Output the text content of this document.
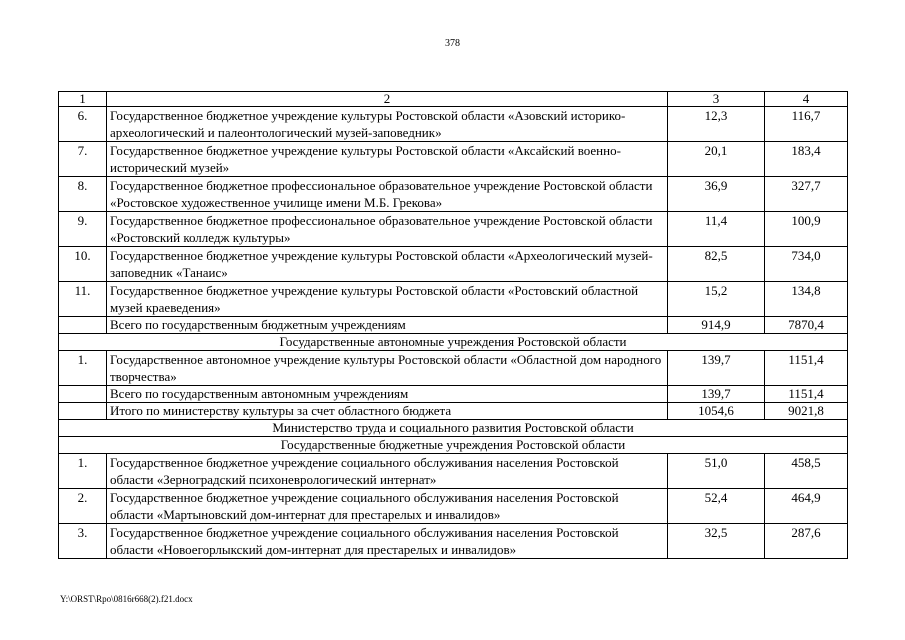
378
1	2	3	4
6.	Государственное бюджетное учреждение культуры Ростовской области «Азовский историко-археологический и палеонтологический музей-заповедник»	12,3	116,7
7.	Государственное бюджетное учреждение культуры Ростовской области «Аксайский военно-исторический музей»	20,1	183,4
8.	Государственное бюджетное профессиональное образовательное учреждение Ростовской области «Ростовское художественное училище имени М.Б. Грекова»	36,9	327,7
9.	Государственное бюджетное профессиональное образовательное учреждение Ростовской области «Ростовский колледж культуры»	11,4	100,9
10.	Государственное бюджетное учреждение культуры Ростовской области «Археологический музей-заповедник «Танаис»	82,5	734,0
11.	Государственное бюджетное учреждение культуры Ростовской области «Ростовский областной музей краеведения»	15,2	134,8
	Всего по государственным бюджетным учреждениям	914,9	7870,4
Государственные автономные учреждения Ростовской области			
1.	Государственное автономное учреждение культуры Ростовской области «Областной дом народного творчества»	139,7	1151,4
	Всего по государственным автономным учреждениям	139,7	1151,4
	Итого по министерству культуры за счет областного бюджета	1054,6	9021,8
Министерство труда и социального развития Ростовской области			
Государственные бюджетные учреждения Ростовской области			
1.	Государственное бюджетное учреждение социального обслуживания населения Ростовской области «Зерноградский психоневрологический интернат»	51,0	458,5
2.	Государственное бюджетное учреждение социального обслуживания населения Ростовской области «Мартыновский дом-интернат для престарелых и инвалидов»	52,4	464,9
3.	Государственное бюджетное учреждение социального обслуживания населения Ростовской области «Новоегорлыкский дом-интернат для престарелых и инвалидов»	32,5	287,6
Y:\ORST\Rpo\0816r668(2).f21.docx
